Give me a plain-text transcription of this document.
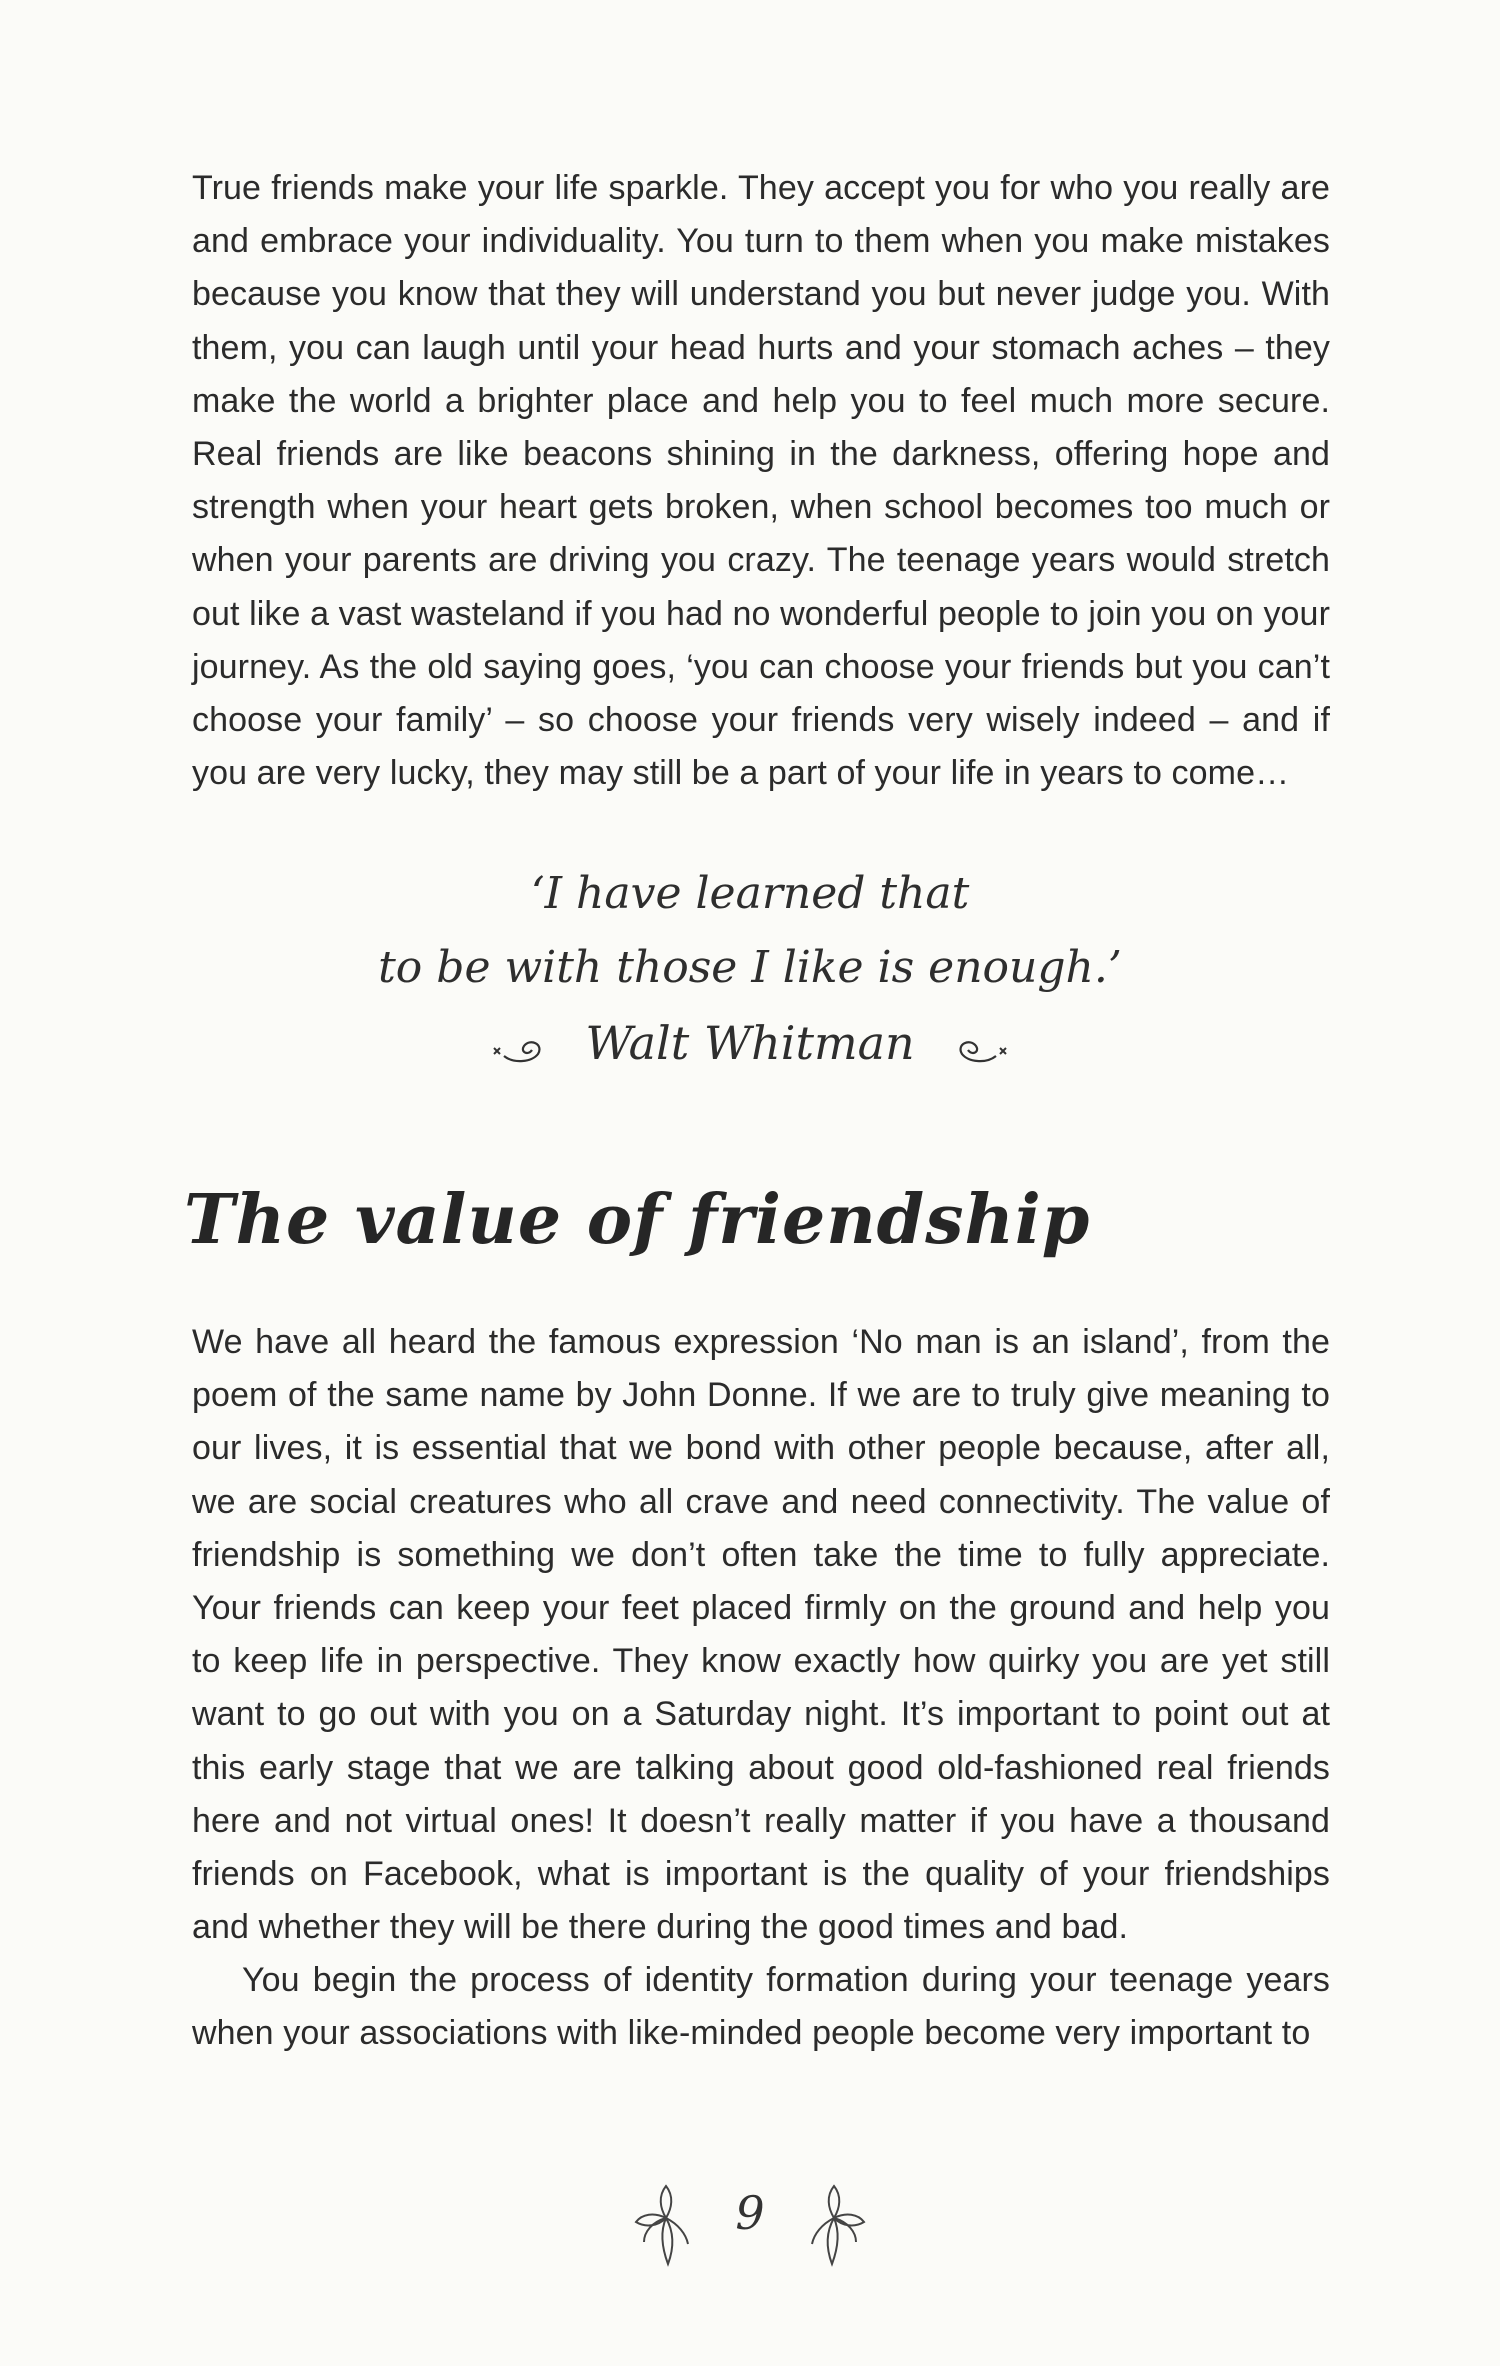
True friends make your life sparkle. They accept you for who you really are and embrace your individuality. You turn to them when you make mistakes because you know that they will understand you but never judge you. With them, you can laugh until your head hurts and your stomach aches – they make the world a brighter place and help you to feel much more secure. Real friends are like beacons shining in the darkness, offering hope and strength when your heart gets broken, when school becomes too much or when your parents are driving you crazy. The teenage years would stretch out like a vast wasteland if you had no wonderful people to join you on your journey. As the old saying goes, ‘you can choose your friends but you can’t choose your family’ – so choose your friends very wisely indeed – and if you are very lucky, they may still be a part of your life in years to come…

‘I have learned that

to be with those I like is enough.’

Walt Whitman
The value of friendship

We have all heard the famous expression ‘No man is an island’, from the poem of the same name by John Donne. If we are to truly give meaning to our lives, it is essential that we bond with other people because, after all, we are social creatures who all crave and need connectivity. The value of friendship is something we don’t often take the time to fully appreciate. Your friends can keep your feet placed firmly on the ground and help you to keep life in perspective. They know exactly how quirky you are yet still want to go out with you on a Saturday night. It’s important to point out at this early stage that we are talking about good old-fashioned real friends here and not virtual ones! It doesn’t really matter if you have a thousand friends on Facebook, what is important is the quality of your friendships and whether they will be there during the good times and bad.

You begin the process of identity formation during your teenage years when your associations with like-minded people become very important to

9
